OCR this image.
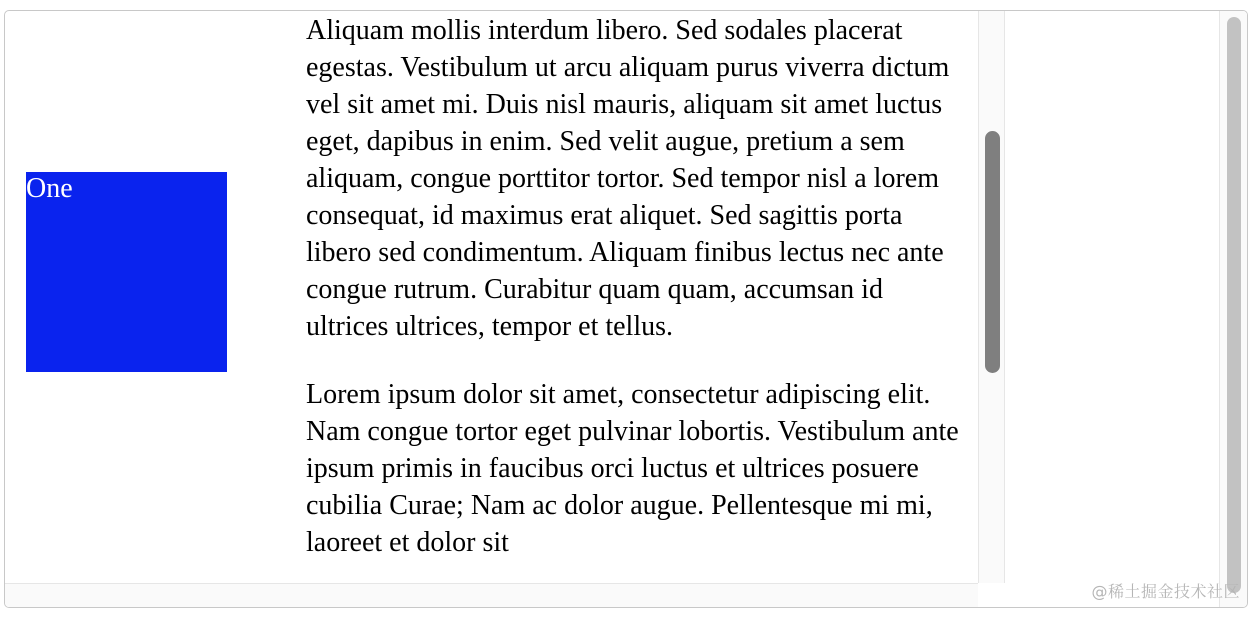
One

Aliquam mollis interdum libero. Sed sodales placerat egestas. Vestibulum ut arcu aliquam purus viverra dictum vel sit amet mi. Duis nisl mauris, aliquam sit amet luctus eget, dapibus in enim. Sed velit augue, pretium a sem aliquam, congue porttitor tortor. Sed tempor nisl a lorem consequat, id maximus erat aliquet. Sed sagittis porta libero sed condimentum. Aliquam finibus lectus nec ante congue rutrum. Curabitur quam quam, accumsan id ultrices ultrices, tempor et tellus.

Lorem ipsum dolor sit amet, consectetur adipiscing elit. Nam congue tortor eget pulvinar lobortis. Vestibulum ante ipsum primis in faucibus orci luctus et ultrices posuere cubilia Curae; Nam ac dolor augue. Pellentesque mi mi, laoreet et dolor sit

@稀土掘金技术社区
